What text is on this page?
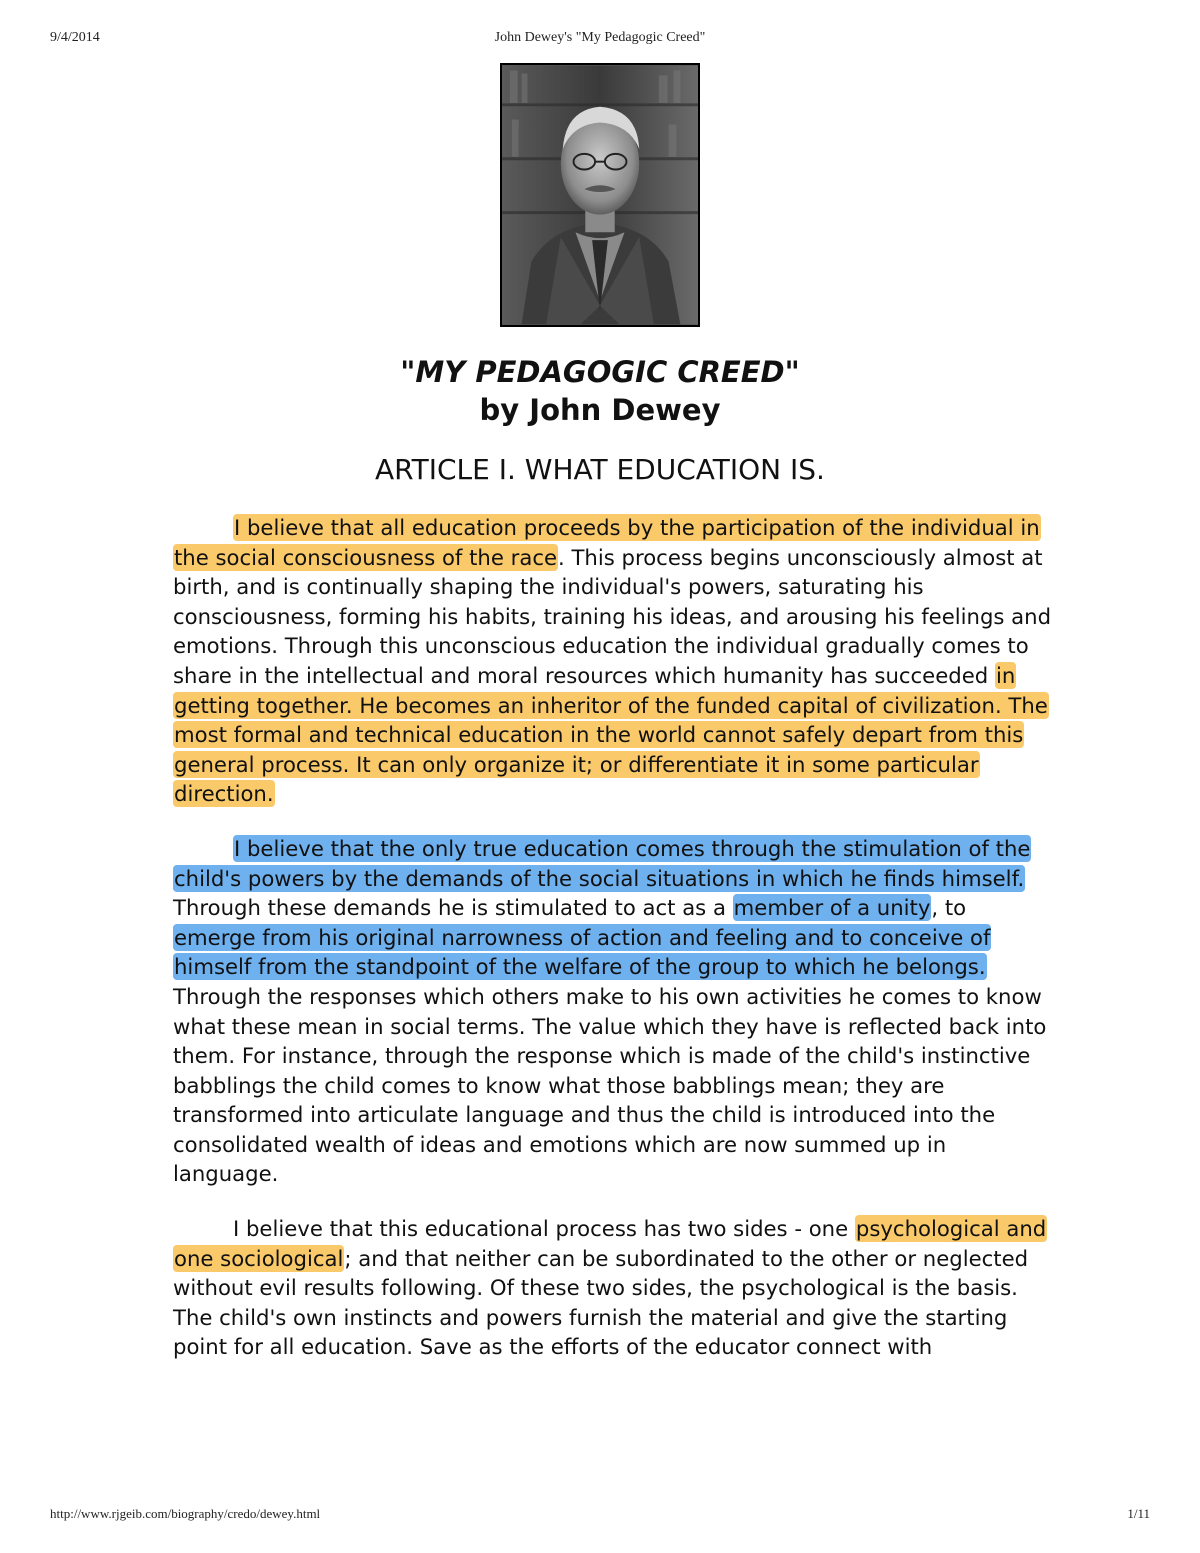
9/4/2014	John Dewey's "My Pedagogic Creed"
"MY PEDAGOGIC CREED"
by John Dewey
ARTICLE I. WHAT EDUCATION IS.

I believe that all education proceeds by the participation of the individual in the social consciousness of the race. This process begins unconsciously almost at birth, and is continually shaping the individual's powers, saturating his consciousness, forming his habits, training his ideas, and arousing his feelings and emotions. Through this unconscious education the individual gradually comes to share in the intellectual and moral resources which humanity has succeeded in getting together. He becomes an inheritor of the funded capital of civilization. The most formal and technical education in the world cannot safely depart from this general process. It can only organize it; or differentiate it in some particular direction.

I believe that the only true education comes through the stimulation of the child's powers by the demands of the social situations in which he finds himself. Through these demands he is stimulated to act as a member of a unity, to emerge from his original narrowness of action and feeling and to conceive of himself from the standpoint of the welfare of the group to which he belongs. Through the responses which others make to his own activities he comes to know what these mean in social terms. The value which they have is reflected back into them. For instance, through the response which is made of the child's instinctive babblings the child comes to know what those babblings mean; they are transformed into articulate language and thus the child is introduced into the consolidated wealth of ideas and emotions which are now summed up in language.

I believe that this educational process has two sides - one psychological and one sociological; and that neither can be subordinated to the other or neglected without evil results following. Of these two sides, the psychological is the basis. The child's own instincts and powers furnish the material and give the starting point for all education. Save as the efforts of the educator connect with

http://www.rjgeib.com/biography/credo/dewey.html	1/11
